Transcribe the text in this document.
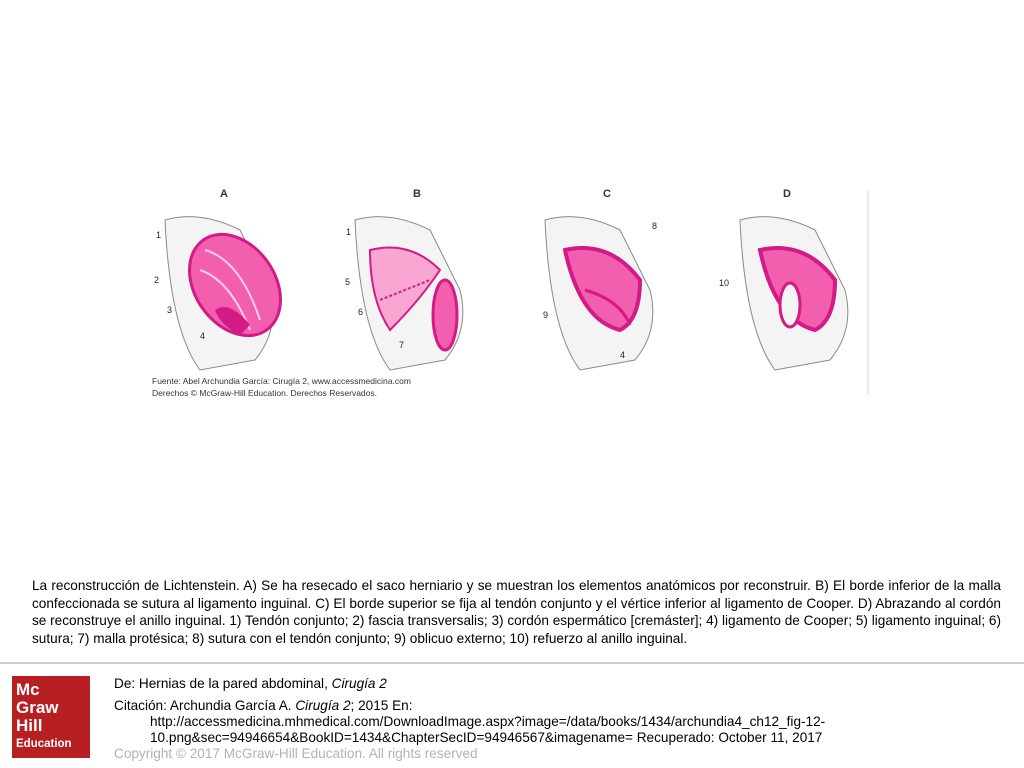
A	B	C	D
1
2
3
4
1
5
6
7
8
9
4
10
Fuente: Abel Archundia García: Cirugía 2, www.accessmedicina.com
Derechos © McGraw-Hill Education. Derechos Reservados.
La reconstrucción de Lichtenstein. A) Se ha resecado el saco herniario y se muestran los elementos anatómicos por reconstruir. B) El borde inferior de la malla confeccionada se sutura al ligamento inguinal. C) El borde superior se fija al tendón conjunto y el vértice inferior al ligamento de Cooper. D) Abrazando al cordón se reconstruye el anillo inguinal. 1) Tendón conjunto; 2) fascia transversalis; 3) cordón espermático [cremáster]; 4) ligamento de Cooper; 5) ligamento inguinal; 6) sutura; 7) malla protésica; 8) sutura con el tendón conjunto; 9) oblicuo externo; 10) refuerzo al anillo inguinal.
Mc
Graw
Hill
Education
De: Hernias de la pared abdominal, Cirugía 2
Citación: Archundia García A. Cirugía 2; 2015 En:
http://accessmedicina.mhmedical.com/DownloadImage.aspx?image=/data/books/1434/archundia4_ch12_fig-12-
10.png&sec=94946654&BookID=1434&ChapterSecID=94946567&imagename= Recuperado: October 11, 2017
Copyright © 2017 McGraw-Hill Education. All rights reserved
